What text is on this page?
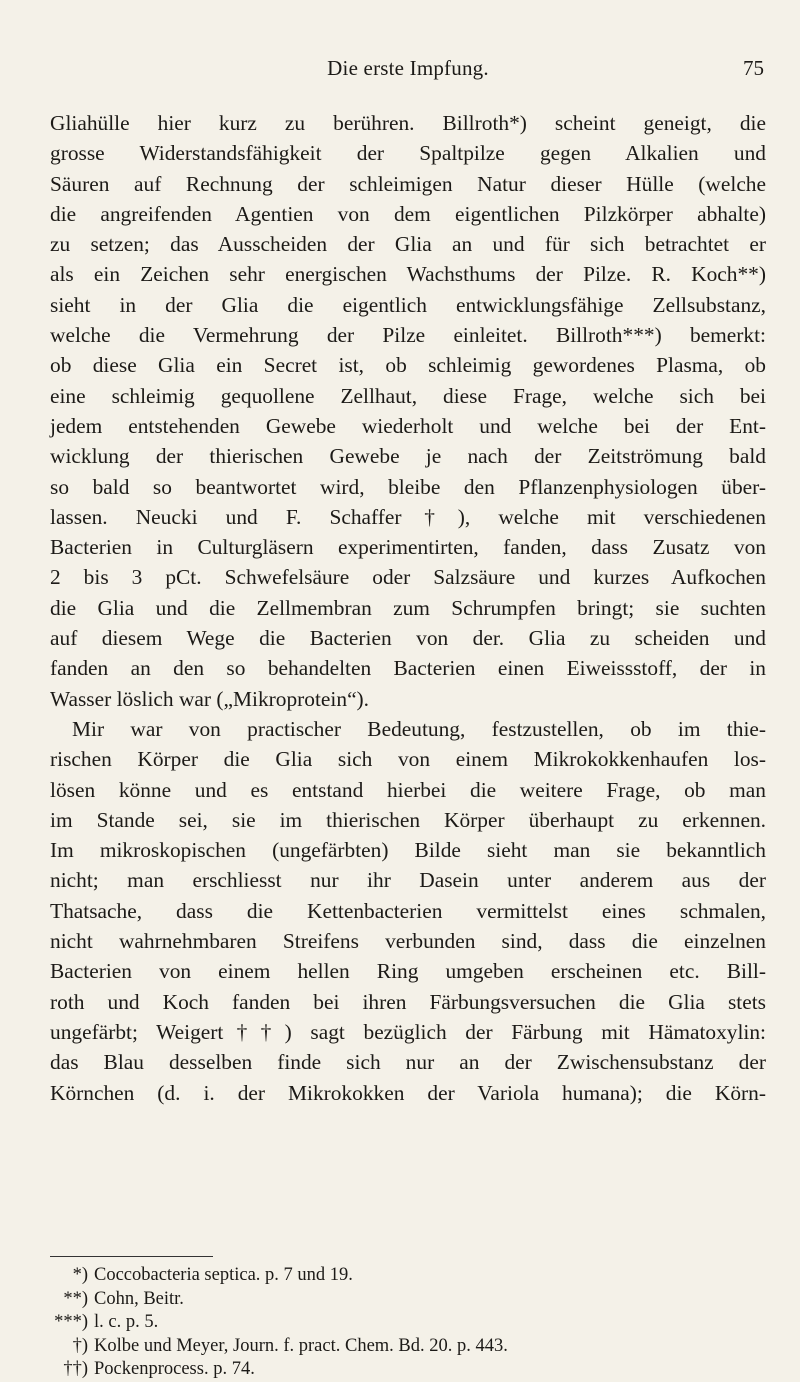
Die erste Impfung.	75
Gliahülle hier kurz zu berühren. Billroth*) scheint geneigt, die
grosse Widerstandsfähigkeit der Spaltpilze gegen Alkalien und
Säuren auf Rechnung der schleimigen Natur dieser Hülle (welche
die angreifenden Agentien von dem eigentlichen Pilzkörper abhalte)
zu setzen; das Ausscheiden der Glia an und für sich betrachtet er
als ein Zeichen sehr energischen Wachsthums der Pilze. R. Koch**)
sieht in der Glia die eigentlich entwicklungsfähige Zellsubstanz,
welche die Vermehrung der Pilze einleitet. Billroth***) bemerkt:
ob diese Glia ein Secret ist, ob schleimig gewordenes Plasma, ob
eine schleimig gequollene Zellhaut, diese Frage, welche sich bei
jedem entstehenden Gewebe wiederholt und welche bei der Ent-
wicklung der thierischen Gewebe je nach der Zeitströmung bald
so bald so beantwortet wird, bleibe den Pflanzenphysiologen über-
lassen. Neucki und F. Schaffer†), welche mit verschiedenen
Bacterien in Culturgläsern experimentirten, fanden, dass Zusatz von
2 bis 3 pCt. Schwefelsäure oder Salzsäure und kurzes Aufkochen
die Glia und die Zellmembran zum Schrumpfen bringt; sie suchten
auf diesem Wege die Bacterien von der. Glia zu scheiden und
fanden an den so behandelten Bacterien einen Eiweissstoff, der in
Wasser löslich war („Mikroprotein“).
Mir war von practischer Bedeutung, festzustellen, ob im thie-
rischen Körper die Glia sich von einem Mikrokokkenhaufen los-
lösen könne und es entstand hierbei die weitere Frage, ob man
im Stande sei, sie im thierischen Körper überhaupt zu erkennen.
Im mikroskopischen (ungefärbten) Bilde sieht man sie bekanntlich
nicht; man erschliesst nur ihr Dasein unter anderem aus der
Thatsache, dass die Kettenbacterien vermittelst eines schmalen,
nicht wahrnehmbaren Streifens verbunden sind, dass die einzelnen
Bacterien von einem hellen Ring umgeben erscheinen etc. Bill-
roth und Koch fanden bei ihren Färbungsversuchen die Glia stets
ungefärbt; Weigert††) sagt bezüglich der Färbung mit Hämatoxylin:
das Blau desselben finde sich nur an der Zwischensubstanz der
Körnchen (d. i. der Mikrokokken der Variola humana); die Körn-
*) Coccobacteria septica. p. 7 und 19.
**) Cohn, Beitr.
***) l. c. p. 5.
†) Kolbe und Meyer, Journ. f. pract. Chem. Bd. 20. p. 443.
††) Pockenprocess. p. 74.
